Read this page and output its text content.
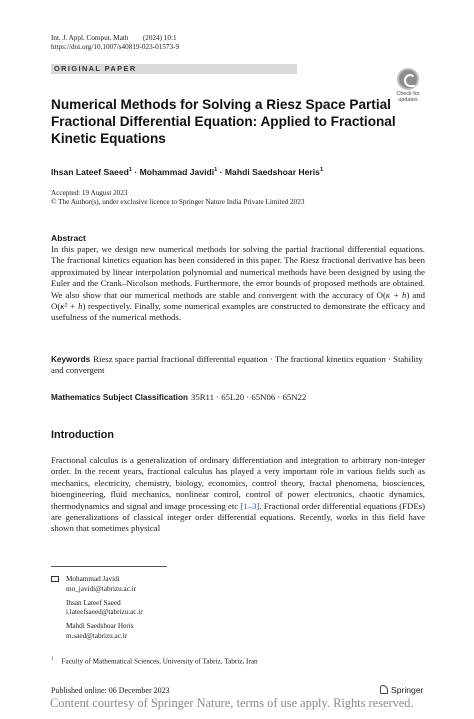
Int. J. Appl. Comput. Math (2024) 10:1
https://doi.org/10.1007/s40819-023-01573-9
ORIGINAL PAPER
Check for
updates
Numerical Methods for Solving a Riesz Space Partial Fractional Differential Equation: Applied to Fractional Kinetic Equations
Ihsan Lateef Saeed$^1$ · Mohammad Javidi$^1$ · Mahdi Saedshoar Heris$^1$
Accepted: 19 August 2023
© The Author(s), under exclusive licence to Springer Nature India Private Limited 2023
Abstract
In this paper, we design new numerical methods for solving the partial fractional differential equations. The fractional kinetics equation has been considered in this paper. The Riesz fractional derivative has been approximated by linear interpolation polynomial and numerical methods have been designed by using the Euler and the Crank–Nicolson methods. Furthermore, the error bounds of proposed methods are obtained. We also show that our numerical methods are stable and convergent with the accuracy of O(κ + h) and O(κ² + h) respectively. Finally, some numerical examples are constructed to demonstrate the efficacy and usefulness of the numerical methods.
Keywords Riesz space partial fractional differential equation · The fractional kinetics equation · Stability and convergent
Mathematics Subject Classification 35R11 · 65L20 · 65N06 · 65N22
Introduction
Fractional calculus is a generalization of ordinary differentiation and integration to arbitrary non-integer order. In the recent years, fractional calculus has played a very important role in various fields such as mechanics, electricity, chemistry, biology, economics, control theory, fractal phenomena, biosciences, bioengineering, fluid mechanics, nonlinear control, control of power electronics, chaotic dynamics, thermodynamics and signal and image processing etc [1–3]. Fractional order differential equations (FDEs) are generalizations of classical integer order differential equations. Recently, works in this field have shown that sometimes physical
Mohammad Javidi
mo_javidi@tabrizu.ac.ir
Ihsan Lateef Saeed
i.lateefsaeed@tabrizu.ac.ir
Mahdi Saedshoar Heris
m.saed@tabrizu.ac.ir
$^1$ Faculty of Mathematical Sciences, University of Tabriz, Tabriz, Iran
Published online: 06 December 2023	Springer
Content courtesy of Springer Nature, terms of use apply. Rights reserved.
